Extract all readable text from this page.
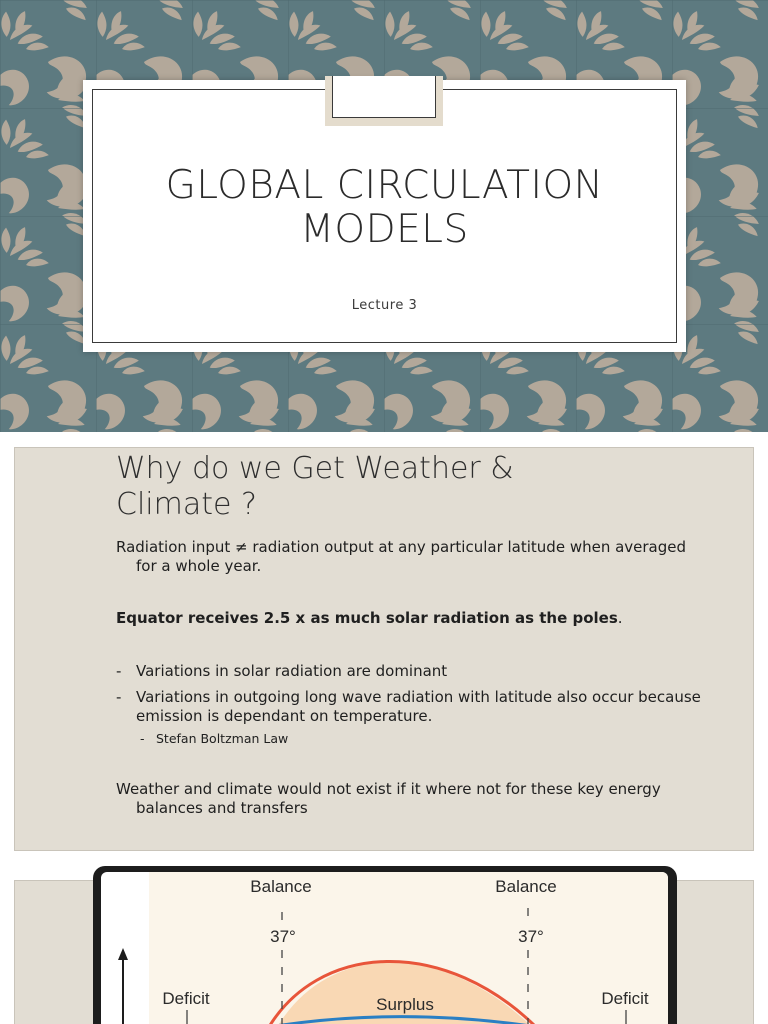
GLOBAL CIRCULATION
MODELS
Lecture 3
Why do we Get Weather &
Climate ?

Radiation input ≠ radiation output at any particular latitude when averaged for a whole year.

Equator receives 2.5 x as much solar radiation as the poles.

- Variations in solar radiation are dominant
- Variations in outgoing long wave radiation with latitude also occur because emission is dependant on temperature.
- Stefan Boltzman Law

Weather and climate would not exist if it where not for these key energy balances and transfers

Balance	Balance
37°	37°
Deficit	Deficit
Surplus
